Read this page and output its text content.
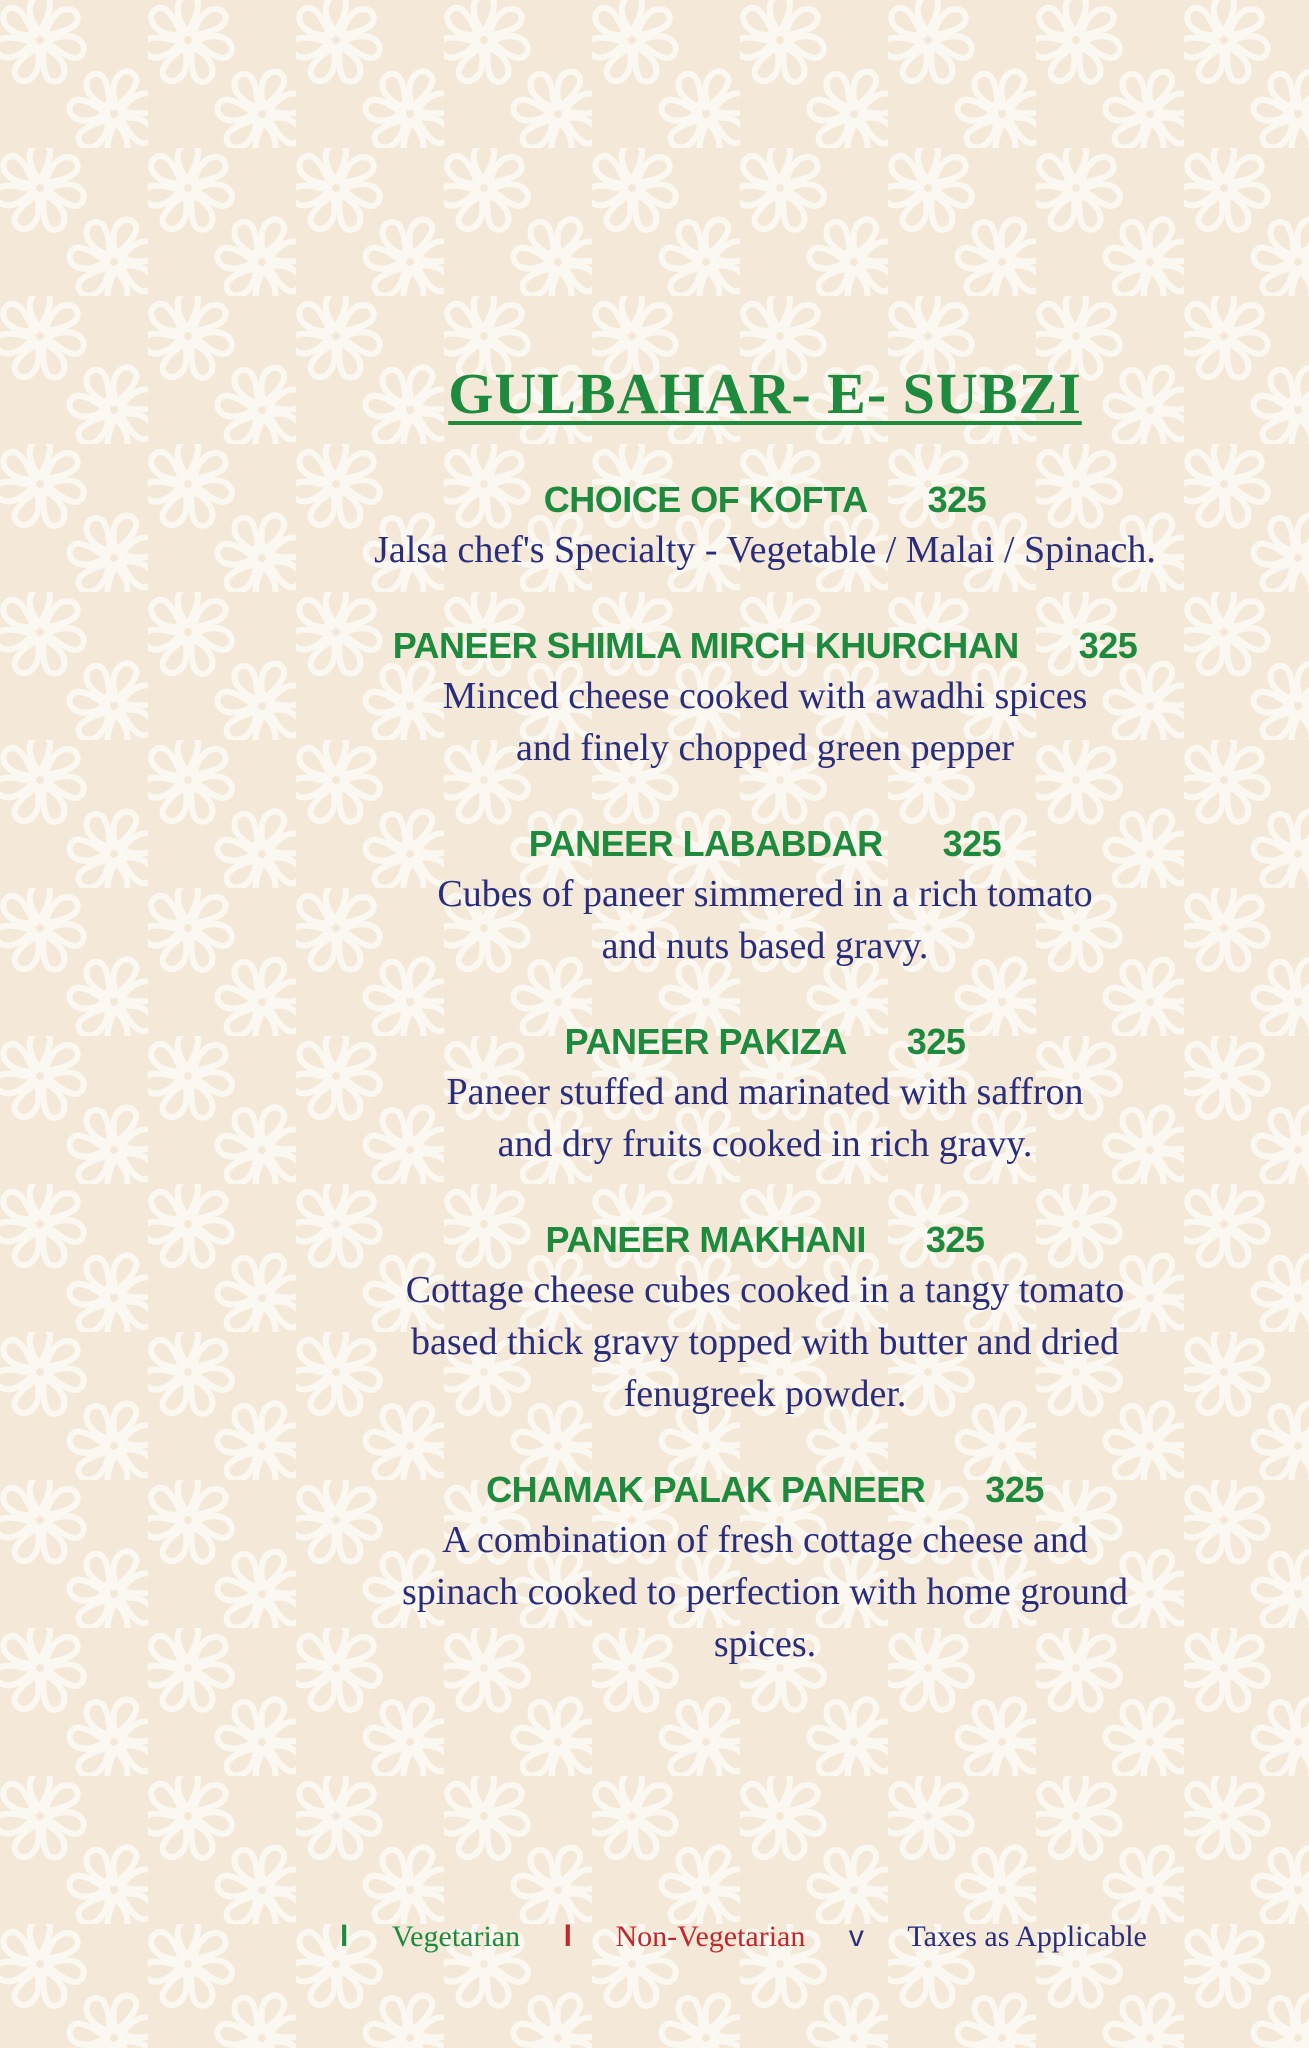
GULBAHAR- E- SUBZI
CHOICE OF KOFTA 325
Jalsa chef's Specialty - Vegetable / Malai / Spinach.
PANEER SHIMLA MIRCH KHURCHAN 325
Minced cheese cooked with awadhi spices
and finely chopped green pepper
PANEER LABABDAR 325
Cubes of paneer simmered in a rich tomato
and nuts based gravy.
PANEER PAKIZA 325
Paneer stuffed and marinated with saffron
and dry fruits cooked in rich gravy.
PANEER MAKHANI 325
Cottage cheese cubes cooked in a tangy tomato
based thick gravy topped with butter and dried
fenugreek powder.
CHAMAK PALAK PANEER 325
A combination of fresh cottage cheese and
spinach cooked to perfection with home ground
spices.
l Vegetarian l Non-Vegetarian v Taxes as Applicable
